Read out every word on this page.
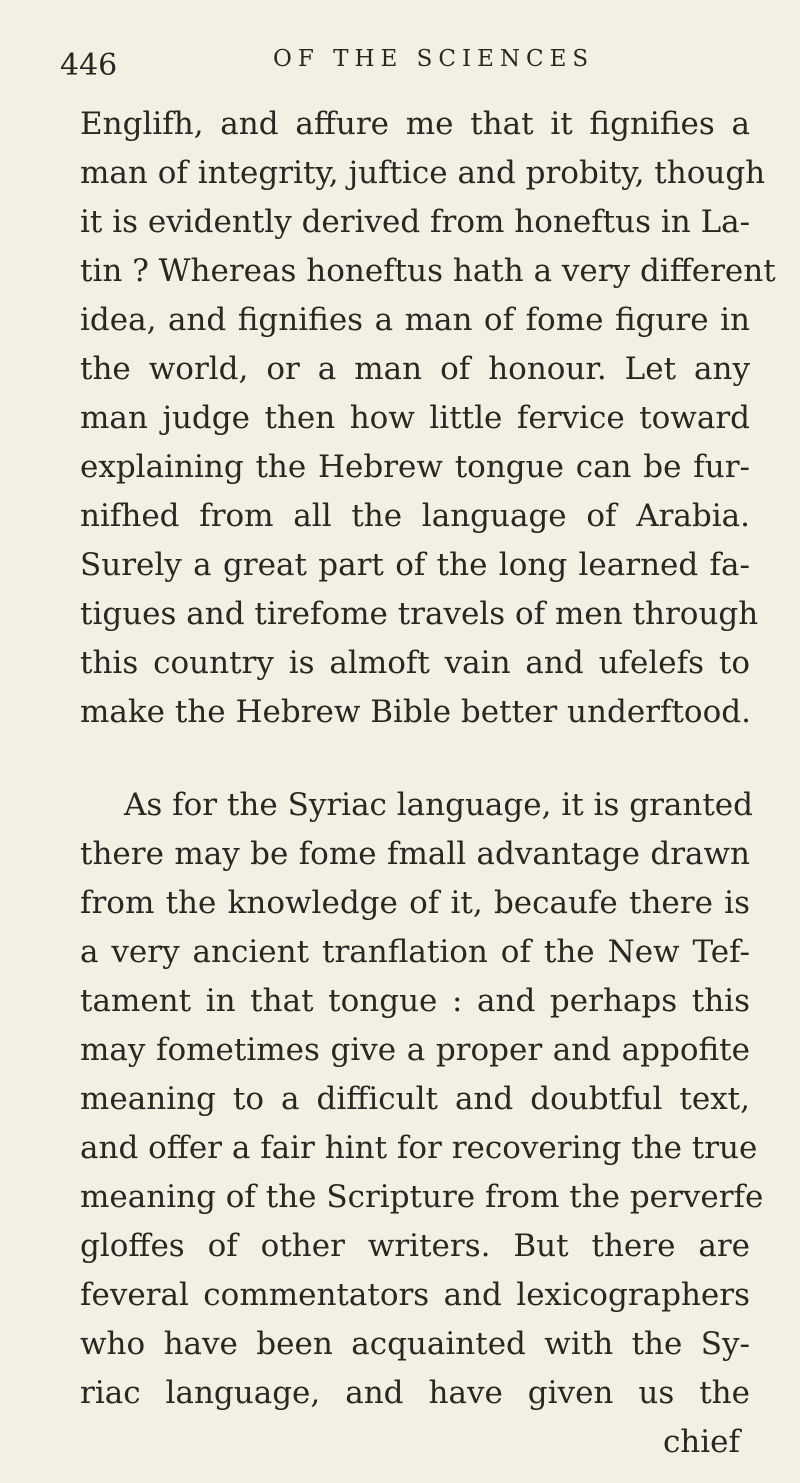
446	OF THE SCIENCES
Englifh, and affure me that it fignifies a
man of integrity, juftice and probity, though
it is evidently derived from honeftus in La-
tin ? Whereas honeftus hath a very different
idea, and fignifies a man of fome figure in
the world, or a man of honour. Let any
man judge then how little fervice toward
explaining the Hebrew tongue can be fur-
nifhed from all the language of Arabia.
Surely a great part of the long learned fa-
tigues and tirefome travels of men through
this country is almoft vain and ufelefs to
make the Hebrew Bible better underftood.
As for the Syriac language, it is granted
there may be fome fmall advantage drawn
from the knowledge of it, becaufe there is
a very ancient tranflation of the New Tef-
tament in that tongue : and perhaps this
may fometimes give a proper and appofite
meaning to a difficult and doubtful text,
and offer a fair hint for recovering the true
meaning of the Scripture from the perverfe
gloffes of other writers. But there are
feveral commentators and lexicographers
who have been acquainted with the Sy-
riac language, and have given us the
chief
